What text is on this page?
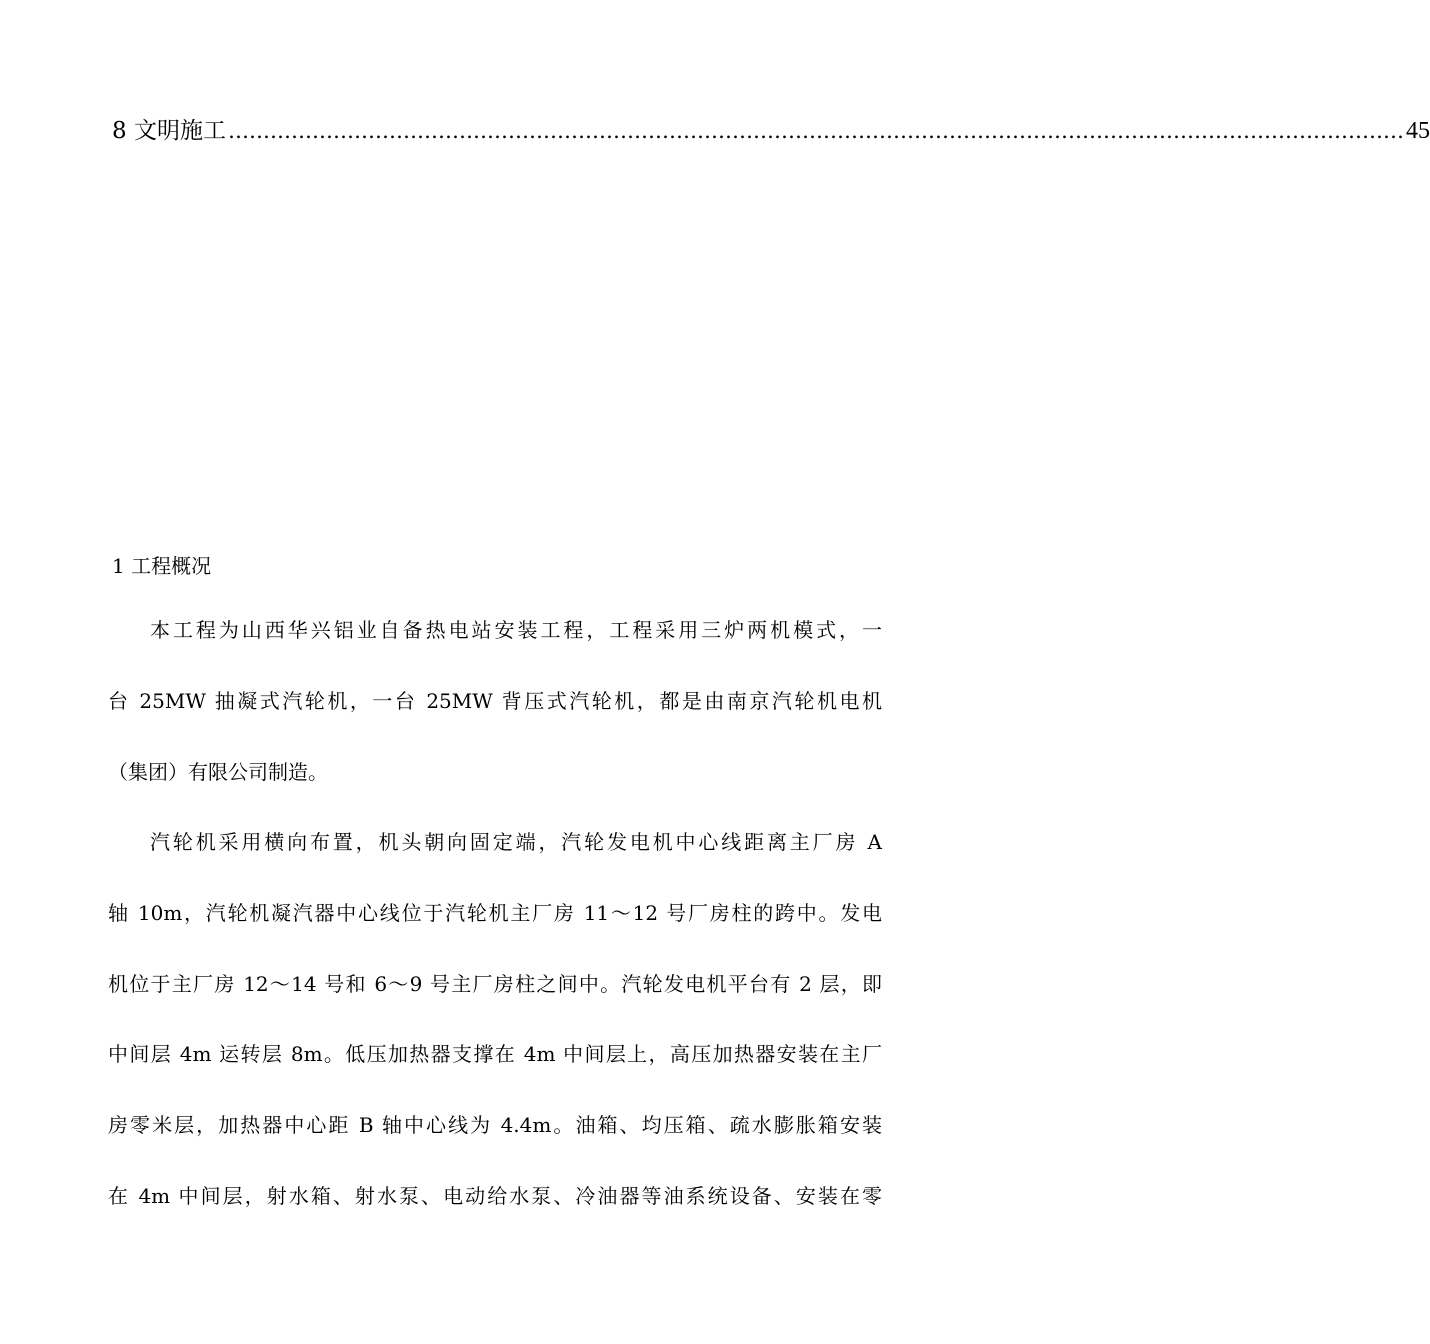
8 文明施工 …………………………………………………………………………………………………………………………………………………… 45
1 工程概况
本工程为山西华兴铝业自备热电站安装工程，工程采用三炉两机模式，一
台 25MW 抽凝式汽轮机，一台 25MW 背压式汽轮机，都是由南京汽轮机电机
（集团）有限公司制造。
汽轮机采用横向布置，机头朝向固定端，汽轮发电机中心线距离主厂房 A
轴 10m，汽轮机凝汽器中心线位于汽轮机主厂房 11～12 号厂房柱的跨中。发电
机位于主厂房 12～14 号和 6～9 号主厂房柱之间中。汽轮发电机平台有 2 层，即
中间层 4m 运转层 8m。低压加热器支撑在 4m 中间层上，高压加热器安装在主厂
房零米层，加热器中心距 B 轴中心线为 4.4m。油箱、均压箱、疏水膨胀箱安装
在 4m 中间层，射水箱、射水泵、电动给水泵、冷油器等油系统设备、安装在零
